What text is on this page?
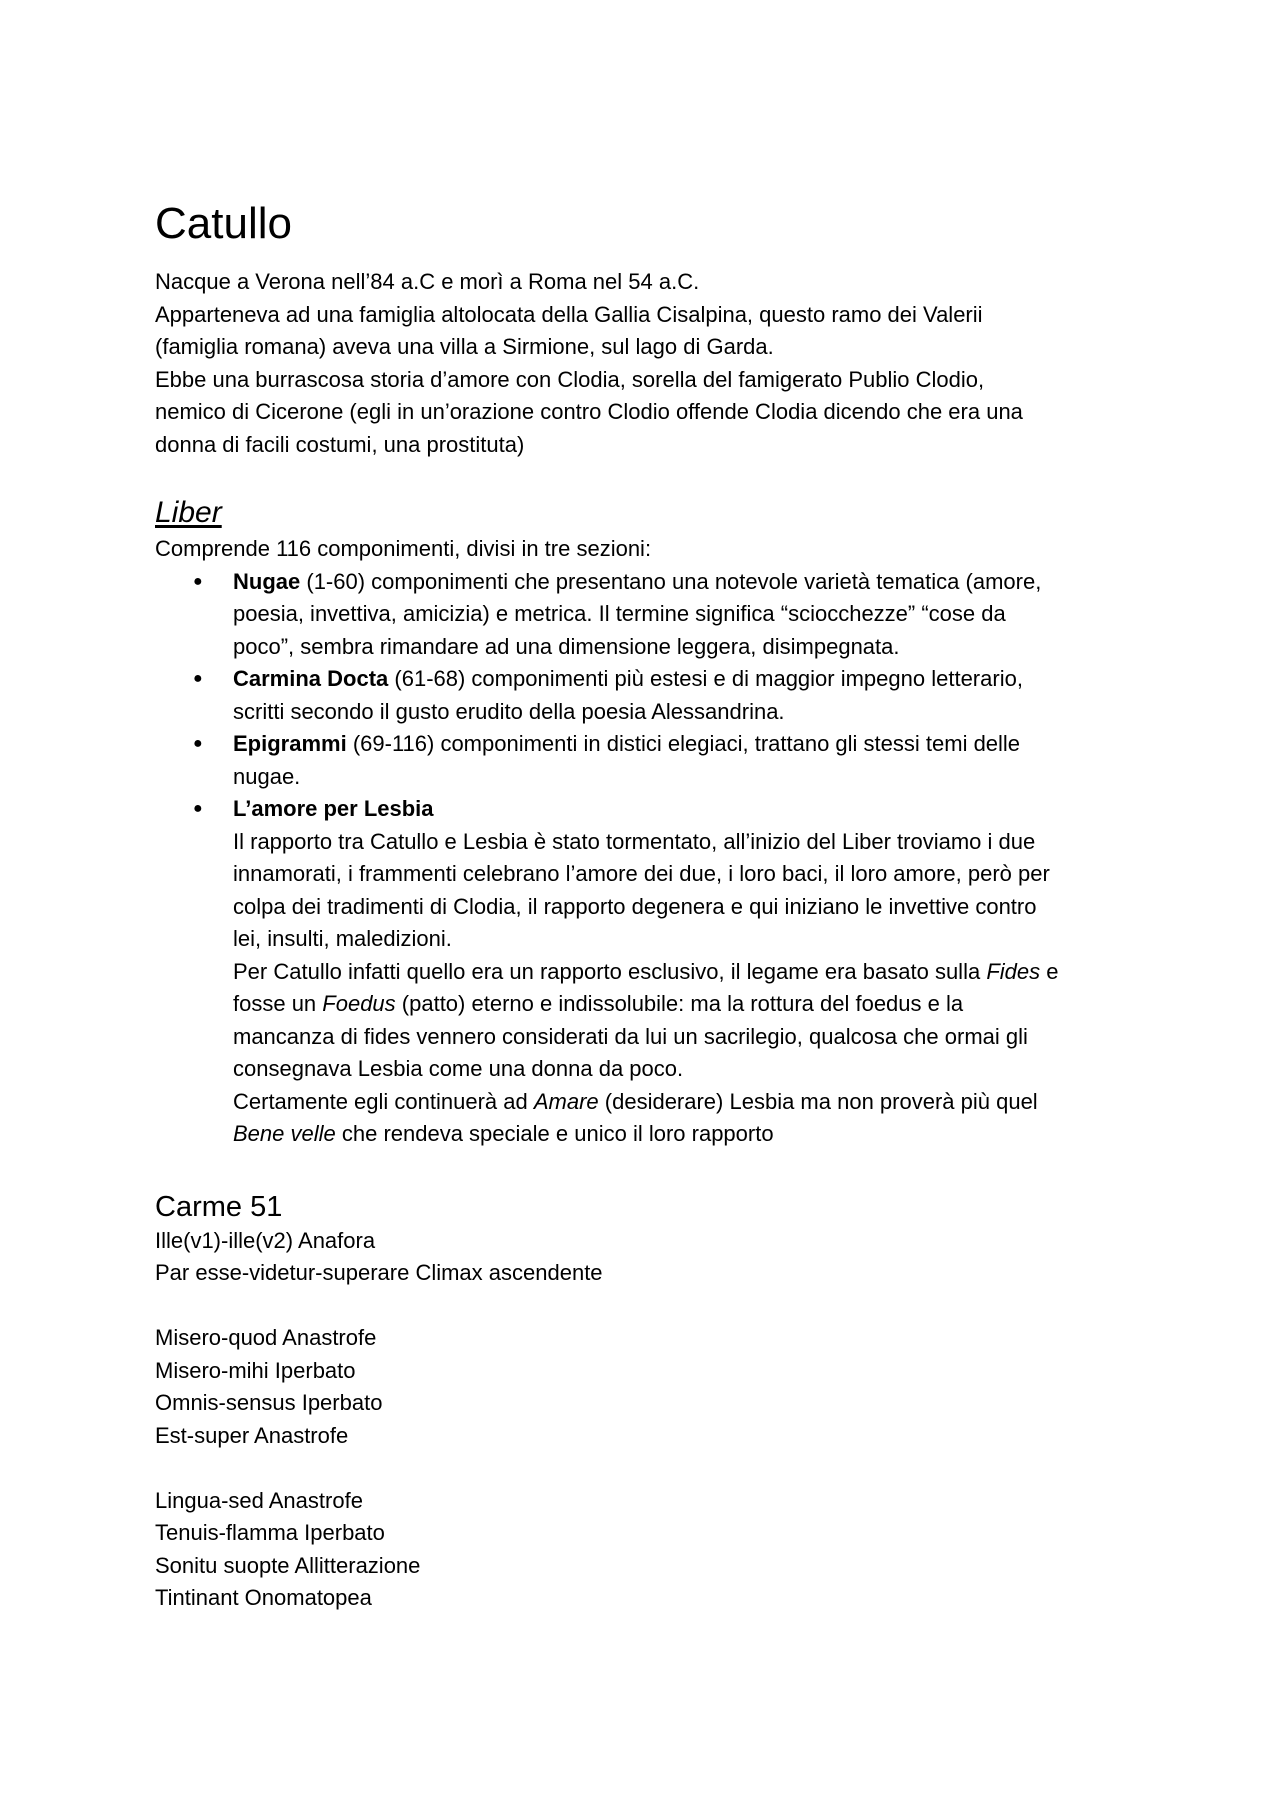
Catullo
Nacque a Verona nell’84 a.C e morì a Roma nel 54 a.C.
Apparteneva ad una famiglia altolocata della Gallia Cisalpina, questo ramo dei Valerii
(famiglia romana) aveva una villa a Sirmione, sul lago di Garda.
Ebbe una burrascosa storia d’amore con Clodia, sorella del famigerato Publio Clodio,
nemico di Cicerone (egli in un’orazione contro Clodio offende Clodia dicendo che era una
donna di facili costumi, una prostituta)
Liber
Comprende 116 componimenti, divisi in tre sezioni:
● Nugae (1-60) componimenti che presentano una notevole varietà tematica (amore,
poesia, invettiva, amicizia) e metrica. Il termine significa “sciocchezze” “cose da
poco”, sembra rimandare ad una dimensione leggera, disimpegnata.
● Carmina Docta (61-68) componimenti più estesi e di maggior impegno letterario,
scritti secondo il gusto erudito della poesia Alessandrina.
● Epigrammi (69-116) componimenti in distici elegiaci, trattano gli stessi temi delle
nugae.
● L’amore per Lesbia
Il rapporto tra Catullo e Lesbia è stato tormentato, all’inizio del Liber troviamo i due
innamorati, i frammenti celebrano l’amore dei due, i loro baci, il loro amore, però per
colpa dei tradimenti di Clodia, il rapporto degenera e qui iniziano le invettive contro
lei, insulti, maledizioni.
Per Catullo infatti quello era un rapporto esclusivo, il legame era basato sulla Fides e
fosse un Foedus (patto) eterno e indissolubile: ma la rottura del foedus e la
mancanza di fides vennero considerati da lui un sacrilegio, qualcosa che ormai gli
consegnava Lesbia come una donna da poco.
Certamente egli continuerà ad Amare (desiderare) Lesbia ma non proverà più quel
Bene velle che rendeva speciale e unico il loro rapporto
Carme 51
Ille(v1)-ille(v2) Anafora
Par esse-videtur-superare Climax ascendente
Misero-quod Anastrofe
Misero-mihi Iperbato
Omnis-sensus Iperbato
Est-super Anastrofe
Lingua-sed Anastrofe
Tenuis-flamma Iperbato
Sonitu suopte Allitterazione
Tintinant Onomatopea
